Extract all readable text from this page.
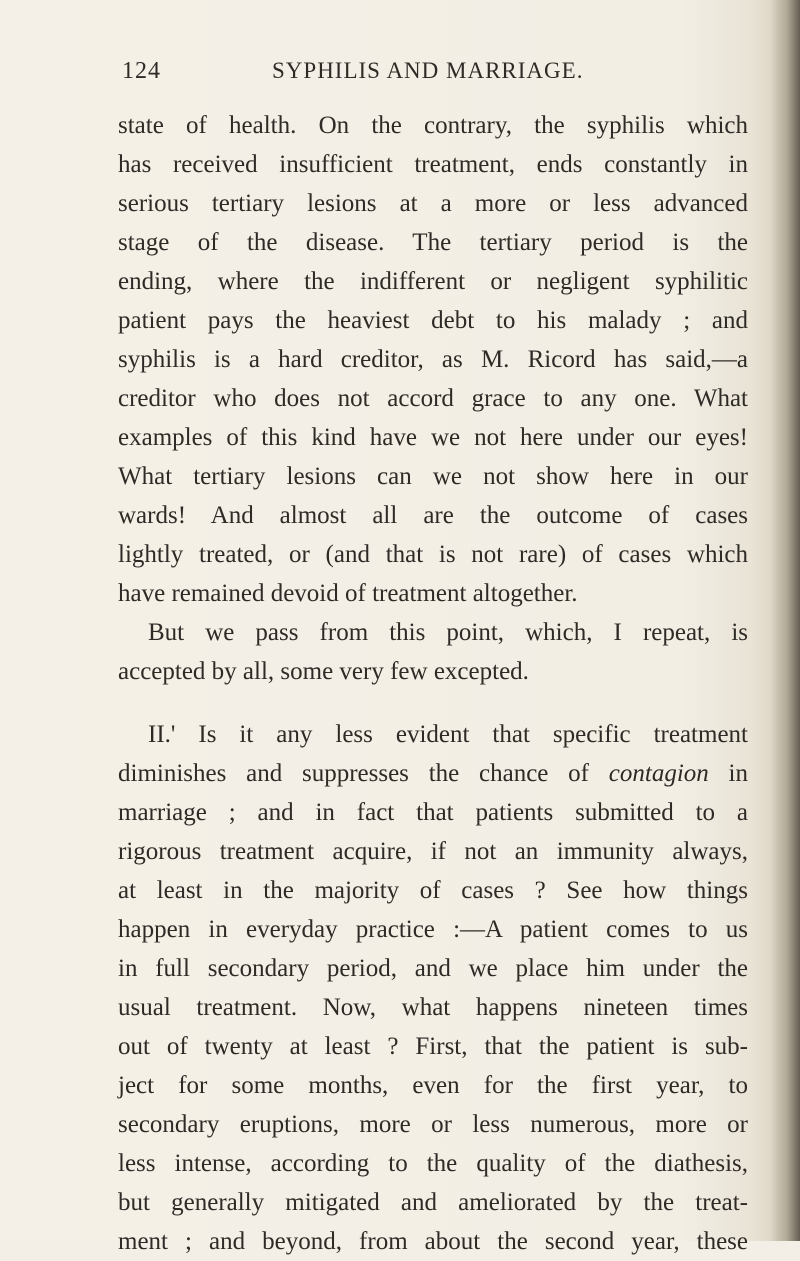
124	SYPHILIS AND MARRIAGE.
state of health. On the contrary, the syphilis which
has received insufficient treatment, ends constantly in
serious tertiary lesions at a more or less advanced
stage of the disease. The tertiary period is the
ending, where the indifferent or negligent syphilitic
patient pays the heaviest debt to his malady ; and
syphilis is a hard creditor, as M. Ricord has said,—a
creditor who does not accord grace to any one. What
examples of this kind have we not here under our eyes!
What tertiary lesions can we not show here in our
wards! And almost all are the outcome of cases
lightly treated, or (and that is not rare) of cases which
have remained devoid of treatment altogether.
But we pass from this point, which, I repeat, is
accepted by all, some very few excepted.
II.' Is it any less evident that specific treatment
diminishes and suppresses the chance of contagion in
marriage ; and in fact that patients submitted to a
rigorous treatment acquire, if not an immunity always,
at least in the majority of cases ? See how things
happen in everyday practice :—A patient comes to us
in full secondary period, and we place him under the
usual treatment. Now, what happens nineteen times
out of twenty at least ? First, that the patient is sub-
ject for some months, even for the first year, to
secondary eruptions, more or less numerous, more or
less intense, according to the quality of the diathesis,
but generally mitigated and ameliorated by the treat-
ment ; and beyond, from about the second year, these
